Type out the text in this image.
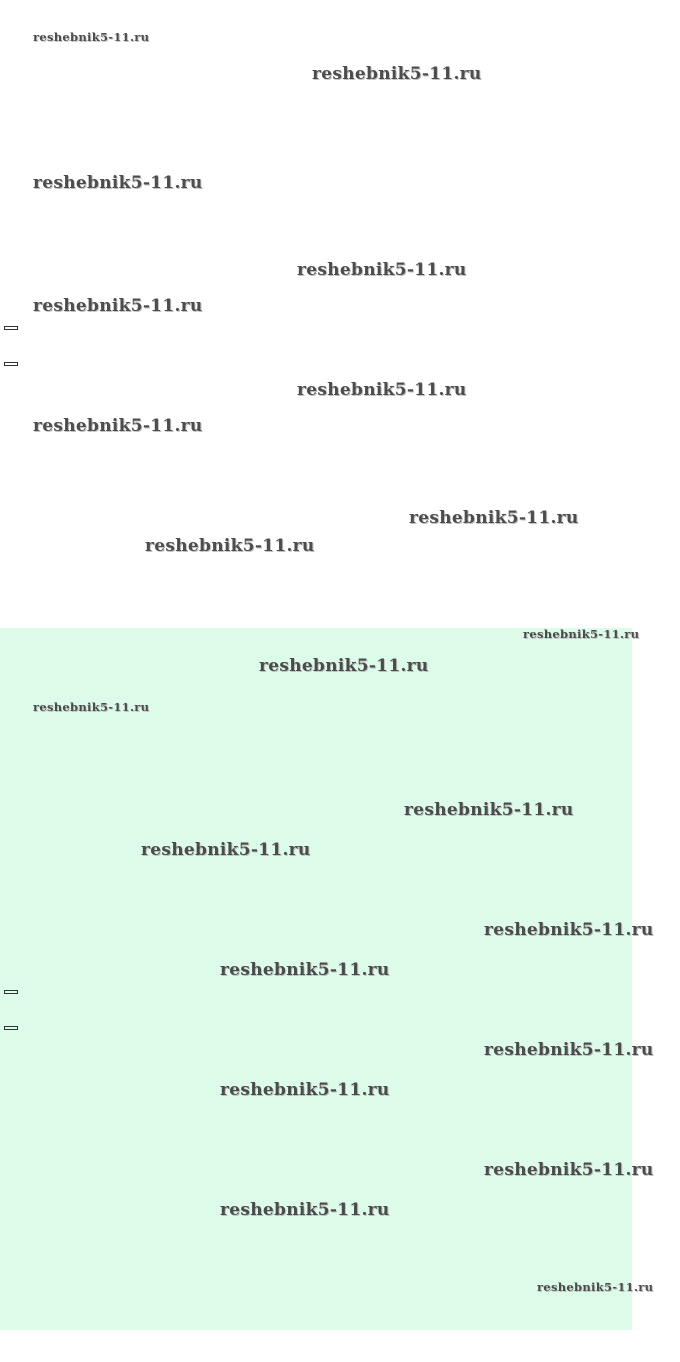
reshebnik5-11.ru
reshebnik5-11.ru
reshebnik5-11.ru
reshebnik5-11.ru
reshebnik5-11.ru
reshebnik5-11.ru
reshebnik5-11.ru
reshebnik5-11.ru
reshebnik5-11.ru
reshebnik5-11.ru
reshebnik5-11.ru
reshebnik5-11.ru
reshebnik5-11.ru
reshebnik5-11.ru
reshebnik5-11.ru
reshebnik5-11.ru
reshebnik5-11.ru
reshebnik5-11.ru
reshebnik5-11.ru
reshebnik5-11.ru
reshebnik5-11.ru
